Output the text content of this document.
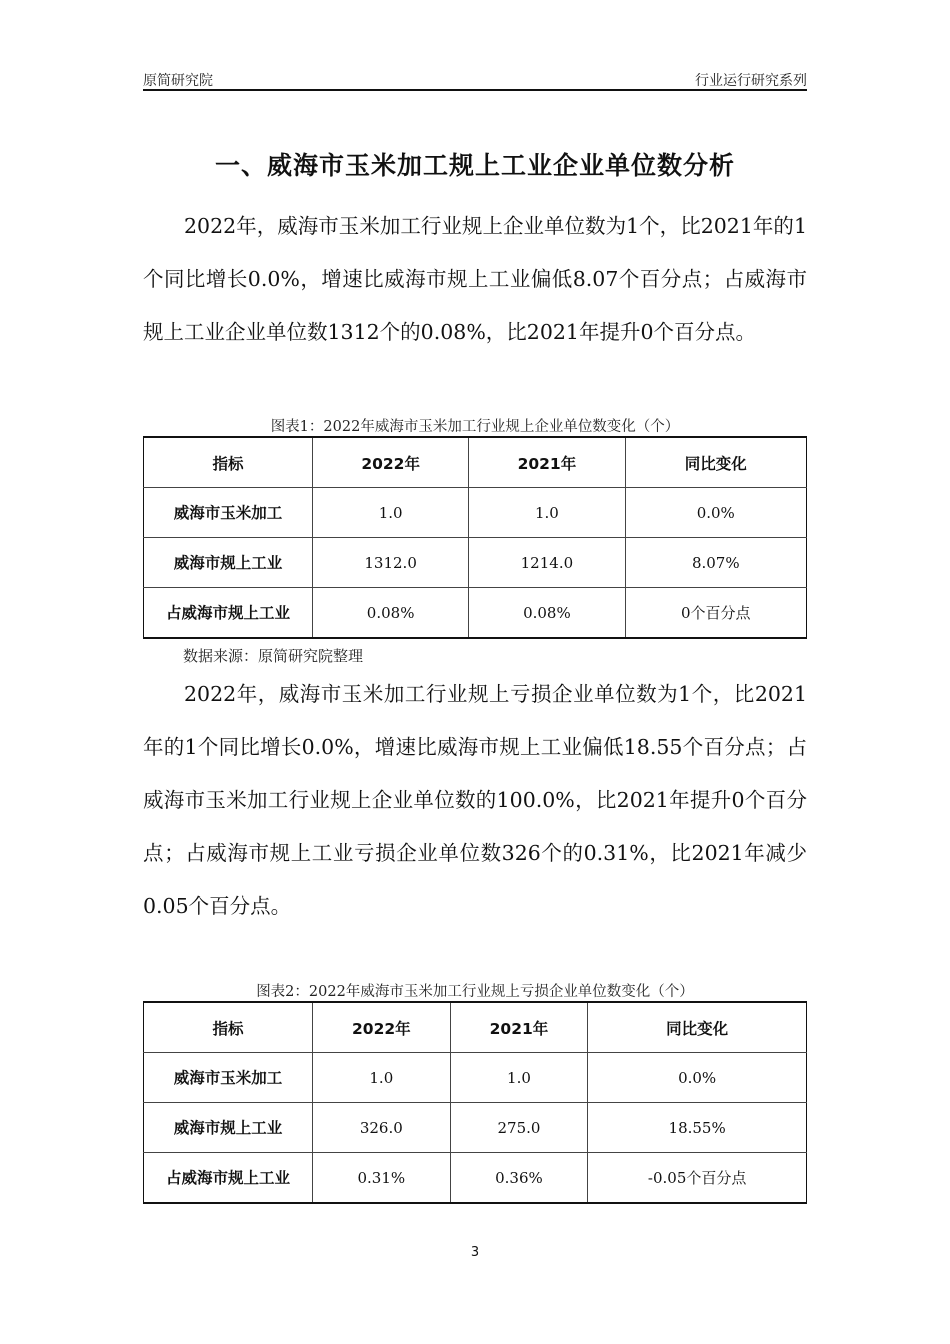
原简研究院	行业运行研究系列
一、威海市玉米加工规上工业企业单位数分析

2022年，威海市玉米加工行业规上企业单位数为1个，比2021年的1个同比增长0.0%，增速比威海市规上工业偏低8.07个百分点；占威海市规上工业企业单位数1312个的0.08%，比2021年提升0个百分点。

图表1：2022年威海市玉米加工行业规上企业单位数变化（个）
指标	2022年	2021年	同比变化
威海市玉米加工	1.0	1.0	0.0%
威海市规上工业	1312.0	1214.0	8.07%
占威海市规上工业	0.08%	0.08%	0个百分点
数据来源：原简研究院整理

2022年，威海市玉米加工行业规上亏损企业单位数为1个，比2021年的1个同比增长0.0%，增速比威海市规上工业偏低18.55个百分点；占威海市玉米加工行业规上企业单位数的100.0%，比2021年提升0个百分点；占威海市规上工业亏损企业单位数326个的0.31%，比2021年减少0.05个百分点。

图表2：2022年威海市玉米加工行业规上亏损企业单位数变化（个）
指标	2022年	2021年	同比变化
威海市玉米加工	1.0	1.0	0.0%
威海市规上工业	326.0	275.0	18.55%
占威海市规上工业	0.31%	0.36%	-0.05个百分点
3
